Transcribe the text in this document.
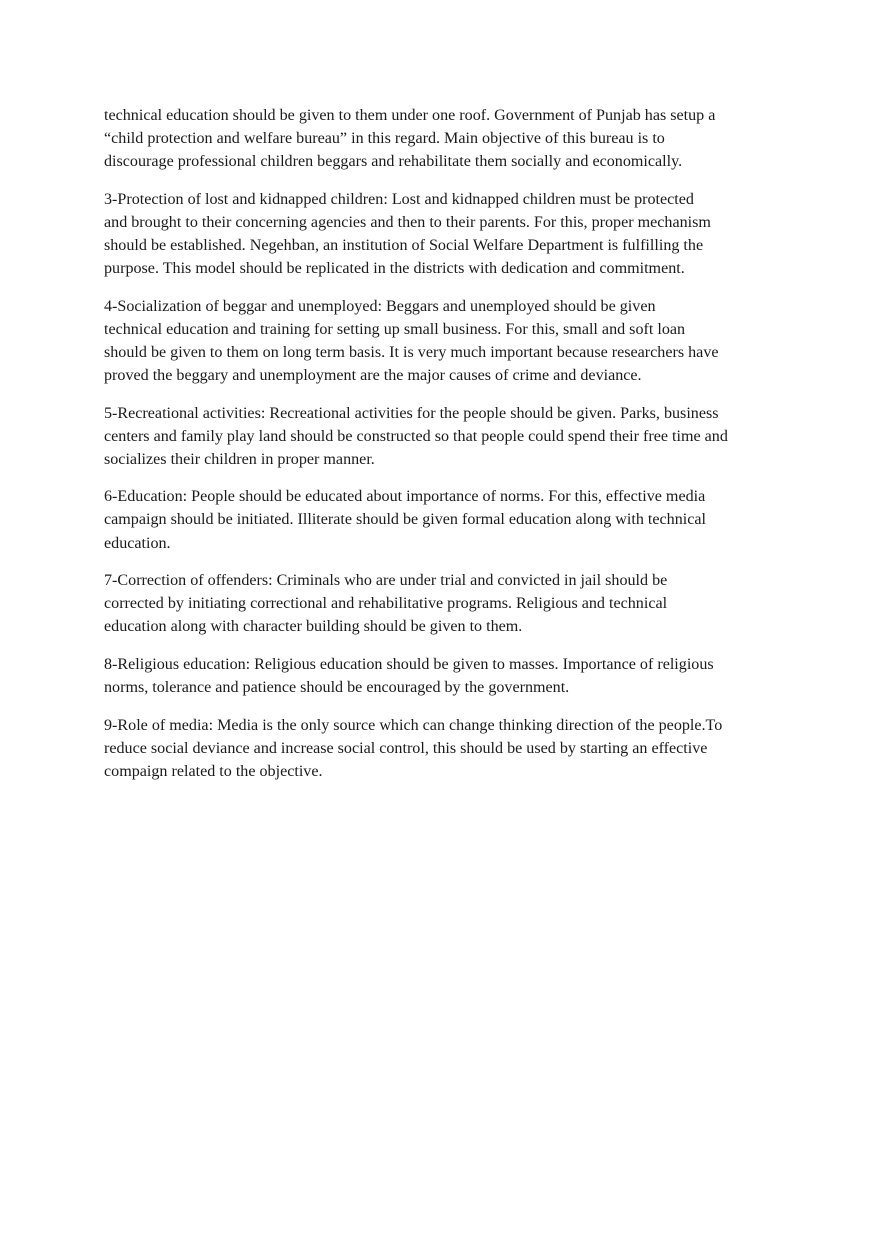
technical education should be given to them under one roof. Government of Punjab has setup a
“child protection and welfare bureau” in this regard. Main objective of this bureau is to
discourage professional children beggars and rehabilitate them socially and economically.

3-Protection of lost and kidnapped children: Lost and kidnapped children must be protected
and brought to their concerning agencies and then to their parents. For this, proper mechanism
should be established. Negehban, an institution of Social Welfare Department is fulfilling the
purpose. This model should be replicated in the districts with dedication and commitment.

4-Socialization of beggar and unemployed: Beggars and unemployed should be given
technical education and training for setting up small business. For this, small and soft loan
should be given to them on long term basis. It is very much important because researchers have
proved the beggary and unemployment are the major causes of crime and deviance.

5-Recreational activities: Recreational activities for the people should be given. Parks, business
centers and family play land should be constructed so that people could spend their free time and
socializes their children in proper manner.

6-Education: People should be educated about importance of norms. For this, effective media
campaign should be initiated. Illiterate should be given formal education along with technical
education.

7-Correction of offenders: Criminals who are under trial and convicted in jail should be
corrected by initiating correctional and rehabilitative programs. Religious and technical
education along with character building should be given to them.

8-Religious education: Religious education should be given to masses. Importance of religious
norms, tolerance and patience should be encouraged by the government.

9-Role of media: Media is the only source which can change thinking direction of the people.To
reduce social deviance and increase social control, this should be used by starting an effective
compaign related to the objective.
